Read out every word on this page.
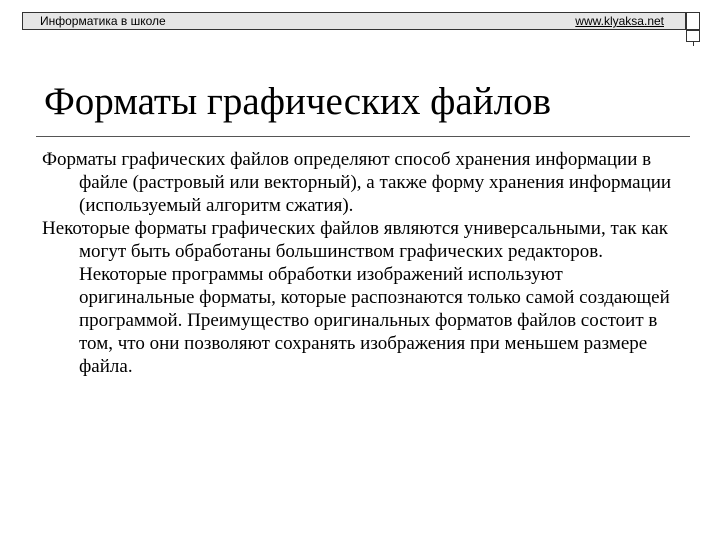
Информатика в школе	www.klyaksa.net
Форматы графических файлов

Форматы графических файлов определяют способ хранения информации в файле (растровый или векторный), а также форму хранения информации (используемый алгоритм сжатия).

Некоторые форматы графических файлов являются универсальными, так как могут быть обработаны большинством графических редакторов. Некоторые программы обработки изображений используют оригинальные форматы, которые распознаются только самой создающей программой. Преимущество оригинальных форматов файлов состоит в том, что они позволяют сохранять изображения при меньшем размере файла.
